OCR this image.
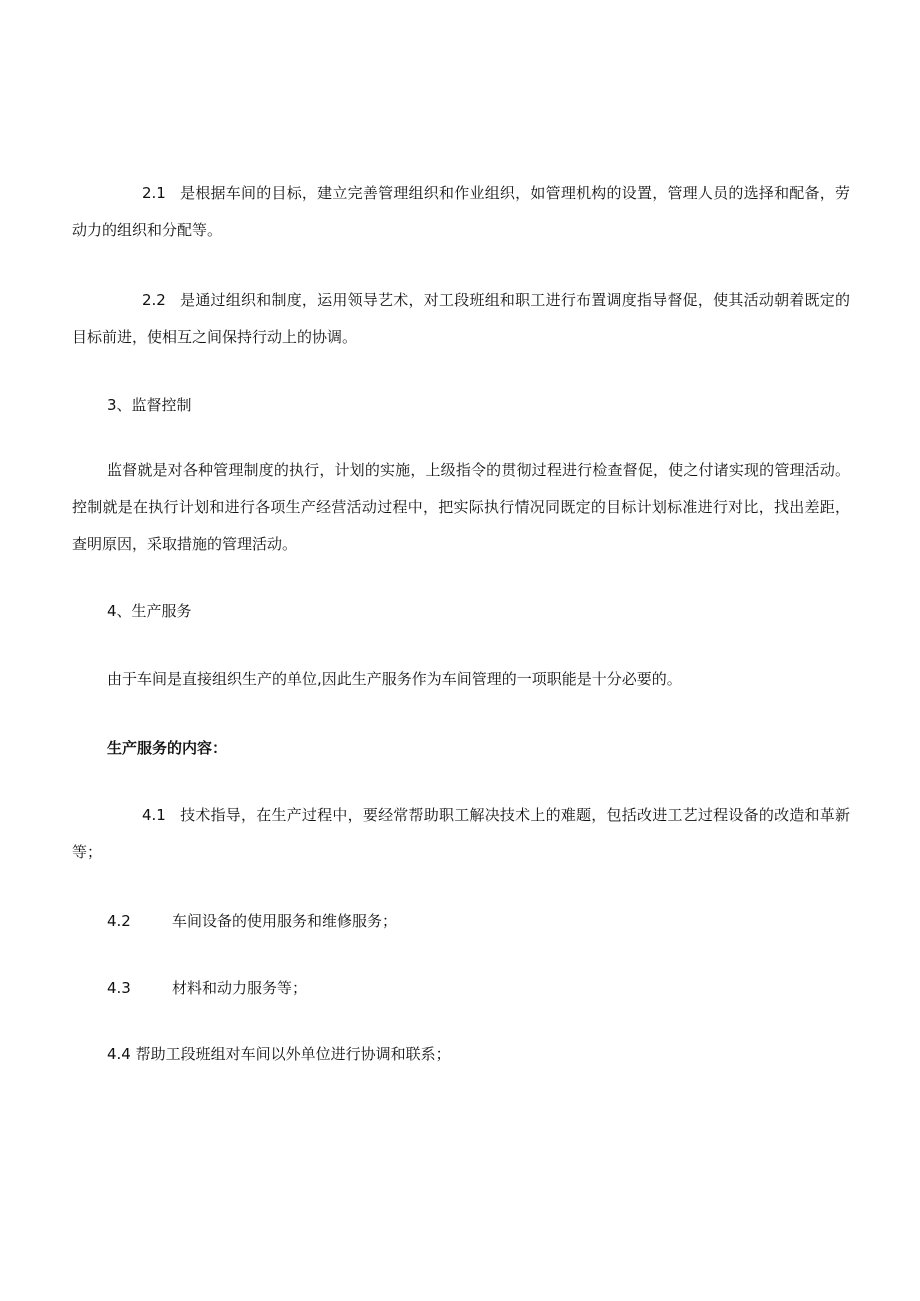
2.1 是根据车间的目标，建立完善管理组织和作业组织，如管理机构的设置，管理人员的选择和配备，劳动力的组织和分配等。

2.2 是通过组织和制度，运用领导艺术，对工段班组和职工进行布置调度指导督促，使其活动朝着既定的目标前进，使相互之间保持行动上的协调。

3、监督控制

监督就是对各种管理制度的执行，计划的实施，上级指令的贯彻过程进行检查督促，使之付诸实现的管理活动。控制就是在执行计划和进行各项生产经营活动过程中，把实际执行情况同既定的目标计划标准进行对比，找出差距，查明原因，采取措施的管理活动。

4、生产服务

由于车间是直接组织生产的单位,因此生产服务作为车间管理的一项职能是十分必要的。

生产服务的内容：

4.1 技术指导，在生产过程中，要经常帮助职工解决技术上的难题，包括改进工艺过程设备的改造和革新等；

4.2	车间设备的使用服务和维修服务；

4.3	材料和动力服务等；

4.4 帮助工段班组对车间以外单位进行协调和联系；
